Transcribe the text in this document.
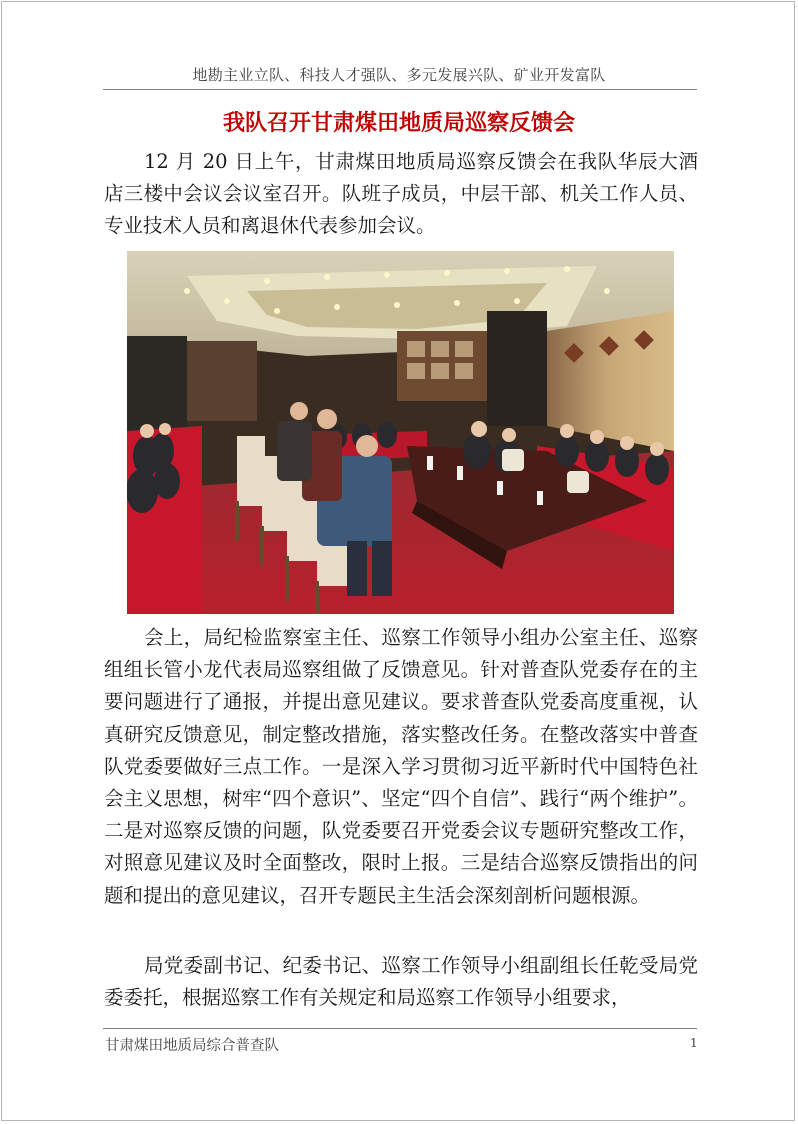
地勘主业立队、科技人才强队、多元发展兴队、矿业开发富队
我队召开甘肃煤田地质局巡察反馈会

12 月 20 日上午，甘肃煤田地质局巡察反馈会在我队华辰大酒店三楼中会议会议室召开。队班子成员，中层干部、机关工作人员、专业技术人员和离退休代表参加会议。

会上，局纪检监察室主任、巡察工作领导小组办公室主任、巡察组组长管小龙代表局巡察组做了反馈意见。针对普查队党委存在的主要问题进行了通报，并提出意见建议。要求普查队党委高度重视，认真研究反馈意见，制定整改措施，落实整改任务。在整改落实中普查队党委要做好三点工作。一是深入学习贯彻习近平新时代中国特色社会主义思想，树牢“四个意识”、坚定“四个自信”、践行“两个维护”。二是对巡察反馈的问题，队党委要召开党委会议专题研究整改工作，对照意见建议及时全面整改，限时上报。三是结合巡察反馈指出的问题和提出的意见建议，召开专题民主生活会深刻剖析问题根源。

局党委副书记、纪委书记、巡察工作领导小组副组长任乾受局党委委托，根据巡察工作有关规定和局巡察工作领导小组要求，

甘肃煤田地质局综合普查队	1
